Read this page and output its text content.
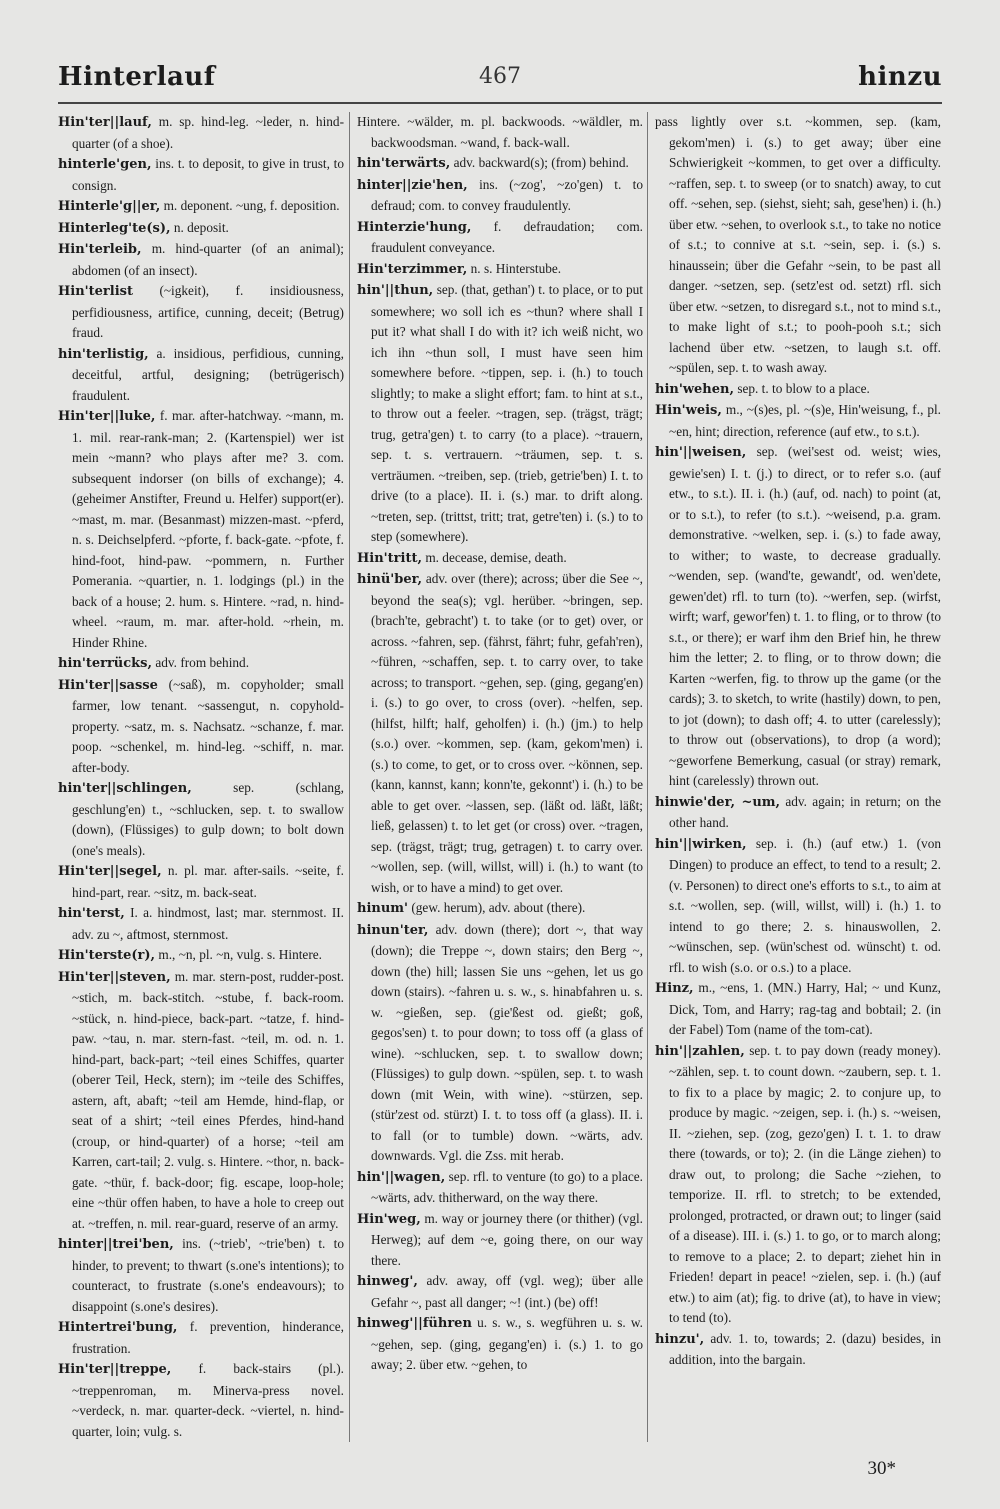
Hinterlauf	467	hinzu

Hin'ter||lauf, m. sp. hind-leg. ~leder, n. hind-quarter (of a shoe).

hinterle'gen, ins. t. to deposit, to give in trust, to consign.

Hinterle'g||er, m. deponent. ~ung, f. deposition.

Hinterleg'te(s), n. deposit.

Hin'terleib, m. hind-quarter (of an animal); abdomen (of an insect).

Hin'terlist (~igkeit), f. insidiousness, perfidiousness, artifice, cunning, deceit; (Betrug) fraud.

hin'terlistig, a. insidious, perfidious, cunning, deceitful, artful, designing; (betrügerisch) fraudulent.

Hin'ter||luke, f. mar. after-hatchway. ~mann, m. 1. mil. rear-rank-man; 2. (Kartenspiel) wer ist mein ~mann? who plays after me? 3. com. subsequent indorser (on bills of exchange); 4. (geheimer Anstifter, Freund u. Helfer) support(er). ~mast, m. mar. (Besanmast) mizzen-mast. ~pferd, n. s. Deichselpferd. ~pforte, f. back-gate. ~pfote, f. hind-foot, hind-paw. ~pommern, n. Further Pomerania. ~quartier, n. 1. lodgings (pl.) in the back of a house; 2. hum. s. Hintere. ~rad, n. hind-wheel. ~raum, m. mar. after-hold. ~rhein, m. Hinder Rhine.

hin'terrücks, adv. from behind.

Hin'ter||sasse (~saß), m. copyholder; small farmer, low tenant. ~sassengut, n. copyhold-property. ~satz, m. s. Nachsatz. ~schanze, f. mar. poop. ~schenkel, m. hind-leg. ~schiff, n. mar. after-body.

hin'ter||schlingen,	sep. (schlang, geschlung'en) t., ~schlucken, sep. t. to swallow (down), (Flüssiges) to gulp down; to bolt down (one's meals).

Hin'ter||segel, n. pl. mar. after-sails. ~seite, f. hind-part, rear. ~sitz, m. back-seat.

hin'terst, I. a. hindmost, last; mar. sternmost. II. adv. zu ~, aftmost, sternmost.

Hin'terste(r), m., ~n, pl. ~n, vulg. s. Hintere.

Hin'ter||steven, m. mar. stern-post, rudder-post. ~stich, m. back-stitch. ~stube, f. back-room. ~stück, n. hind-piece, back-part. ~tatze, f. hind-paw. ~tau, n. mar. stern-fast. ~teil, m. od. n. 1. hind-part, back-part; ~teil eines Schiffes, quarter (oberer Teil, Heck, stern); im ~teile des Schiffes, astern, aft, abaft; ~teil am Hemde, hind-flap, or seat of a shirt; ~teil eines Pferdes, hind-hand (croup, or hind-quarter) of a horse; ~teil am Karren, cart-tail; 2. vulg. s. Hintere. ~thor, n. back-gate. ~thür, f. back-door; fig. escape, loop-hole; eine ~thür offen haben, to have a hole to creep out at. ~treffen, n. mil. rear-guard, reserve of an army.

hinter||trei'ben, ins. (~trieb', ~trie'ben) t. to hinder, to prevent; to thwart (s.one's intentions); to counteract, to frustrate (s.one's endeavours); to disappoint (s.one's desires).

Hintertrei'bung, f. prevention, hinderance, frustration.

Hin'ter||treppe, f. back-stairs (pl.). ~treppenroman, m. Minerva-press novel. ~verdeck, n. mar. quarter-deck. ~viertel, n. hind-quarter, loin; vulg. s.

Hintere. ~wälder, m. pl. backwoods. ~wäldler, m. backwoodsman. ~wand, f. back-wall.

hin'terwärts, adv. backward(s); (from) behind.

hinter||zie'hen, ins. (~zog', ~zo'gen) t. to defraud; com. to convey fraudulently.

Hinterzie'hung, f. defraudation; com. fraudulent conveyance.

Hin'terzimmer, n. s. Hinterstube.

hin'||thun, sep. (that, gethan') t. to place, or to put somewhere; wo soll ich es ~thun? where shall I put it? what shall I do with it? ich weiß nicht, wo ich ihn ~thun soll, I must have seen him somewhere before. ~tippen, sep. i. (h.) to touch slightly; to make a slight effort; fam. to hint at s.t., to throw out a feeler. ~tragen, sep. (trägst, trägt; trug, getra'gen) t. to carry (to a place). ~trauern, sep. t. s. vertrauern. ~träumen, sep. t. s. verträumen. ~treiben, sep. (trieb, getrie'ben) I. t. to drive (to a place). II. i. (s.) mar. to drift along. ~treten, sep. (trittst, tritt; trat, getre'ten) i. (s.) to to step (somewhere).

Hin'tritt, m. decease, demise, death.

hinü'ber, adv. over (there); across; über die See ~, beyond the sea(s); vgl. herüber. ~bringen, sep. (brach'te, gebracht') t. to take (or to get) over, or across. ~fahren, sep. (fährst, fährt; fuhr, gefah'ren), ~führen, ~schaffen, sep. t. to carry over, to take across; to transport. ~gehen, sep. (ging, gegang'en) i. (s.) to go over, to cross (over). ~helfen, sep. (hilfst, hilft; half, geholfen) i. (h.) (jm.) to help (s.o.) over. ~kommen, sep. (kam, gekom'men) i. (s.) to come, to get, or to cross over. ~können, sep. (kann, kannst, kann; konn'te, gekonnt') i. (h.) to be able to get over. ~lassen, sep. (läßt od. läßt, läßt; ließ, gelassen) t. to let get (or cross) over. ~tragen, sep. (trägst, trägt; trug, getragen) t. to carry over. ~wollen, sep. (will, willst, will) i. (h.) to want (to wish, or to have a mind) to get over.

hinum' (gew. herum), adv. about (there).

hinun'ter, adv. down (there); dort ~, that way (down); die Treppe ~, down stairs; den Berg ~, down (the) hill; lassen Sie uns ~gehen, let us go down (stairs). ~fahren u. s. w., s. hinabfahren u. s. w. ~gießen, sep. (gie'ßest od. gießt; goß, gegos'sen) t. to pour down; to toss off (a glass of wine). ~schlucken, sep. t. to swallow down; (Flüssiges) to gulp down. ~spülen, sep. t. to wash down (mit Wein, with wine). ~stürzen, sep. (stür'zest od. stürzt) I. t. to toss off (a glass). II. i. to fall (or to tumble) down. ~wärts, adv. downwards. Vgl. die Zss. mit herab.

hin'||wagen, sep. rfl. to venture (to go) to a place. ~wärts, adv. thitherward, on the way there.

Hin'weg, m. way or journey there (or thither) (vgl. Herweg); auf dem ~e, going there, on our way there.

hinweg', adv. away, off (vgl. weg); über alle Gefahr ~, past all danger; ~! (int.) (be) off!

hinweg'||führen u. s. w., s. wegführen u. s. w. ~gehen, sep. (ging, gegang'en) i. (s.) 1. to go away; 2. über etw. ~gehen, to

pass lightly over s.t. ~kommen, sep. (kam, gekom'men) i. (s.) to get away; über eine Schwierigkeit ~kommen, to get over a difficulty. ~raffen, sep. t. to sweep (or to snatch) away, to cut off. ~sehen, sep. (siehst, sieht; sah, gese'hen) i. (h.) über etw. ~sehen, to overlook s.t., to take no notice of s.t.; to connive at s.t. ~sein, sep. i. (s.) s. hinaussein; über die Gefahr ~sein, to be past all danger. ~setzen, sep. (setz'est od. setzt) rfl. sich über etw. ~setzen, to disregard s.t., not to mind s.t., to make light of s.t.; to pooh-pooh s.t.; sich lachend über etw. ~setzen, to laugh s.t. off. ~spülen, sep. t. to wash away.

hin'wehen, sep. t. to blow to a place.

Hin'weis, m., ~(s)es, pl. ~(s)e, Hin'weisung, f., pl. ~en, hint; direction, reference (auf etw., to s.t.).

hin'||weisen, sep. (wei'sest od. weist; wies, gewie'sen) I. t. (j.) to direct, or to refer s.o. (auf etw., to s.t.). II. i. (h.) (auf, od. nach) to point (at, or to s.t.), to refer (to s.t.). ~weisend, p.a. gram. demonstrative. ~welken, sep. i. (s.) to fade away, to wither; to waste, to decrease gradually. ~wenden, sep. (wand'te, gewandt', od. wen'dete, gewen'det) rfl. to turn (to). ~werfen, sep. (wirfst, wirft; warf, gewor'fen) t. 1. to fling, or to throw (to s.t., or there); er warf ihm den Brief hin, he threw him the letter; 2. to fling, or to throw down; die Karten ~werfen, fig. to throw up the game (or the cards); 3. to sketch, to write (hastily) down, to pen, to jot (down); to dash off; 4. to utter (carelessly); to throw out (observations), to drop (a word); ~geworfene Bemerkung, casual (or stray) remark, hint (carelessly) thrown out.

hinwie'der, ~um, adv. again; in return; on the other hand.

hin'||wirken, sep. i. (h.) (auf etw.) 1. (von Dingen) to produce an effect, to tend to a result; 2. (v. Personen) to direct one's efforts to s.t., to aim at s.t. ~wollen, sep. (will, willst, will) i. (h.) 1. to intend to go there; 2. s. hinauswollen, 2. ~wünschen, sep. (wün'schest od. wünscht) t. od. rfl. to wish (s.o. or o.s.) to a place.

Hinz, m., ~ens, 1. (MN.) Harry, Hal; ~ und Kunz, Dick, Tom, and Harry; rag-tag and bobtail; 2. (in der Fabel) Tom (name of the tom-cat).

hin'||zahlen, sep. t. to pay down (ready money). ~zählen, sep. t. to count down. ~zaubern, sep. t. 1. to fix to a place by magic; 2. to conjure up, to produce by magic. ~zeigen, sep. i. (h.) s. ~weisen, II. ~ziehen, sep. (zog, gezo'gen) I. t. 1. to draw there (towards, or to); 2. (in die Länge ziehen) to draw out, to prolong; die Sache ~ziehen, to temporize. II. rfl. to stretch; to be extended, prolonged, protracted, or drawn out; to linger (said of a disease). III. i. (s.) 1. to go, or to march along; to remove to a place; 2. to depart; ziehet hin in Frieden! depart in peace! ~zielen, sep. i. (h.) (auf etw.) to aim (at); fig. to drive (at), to have in view; to tend (to).

hinzu', adv. 1. to, towards; 2. (dazu) besides, in addition, into the bargain.

30*
